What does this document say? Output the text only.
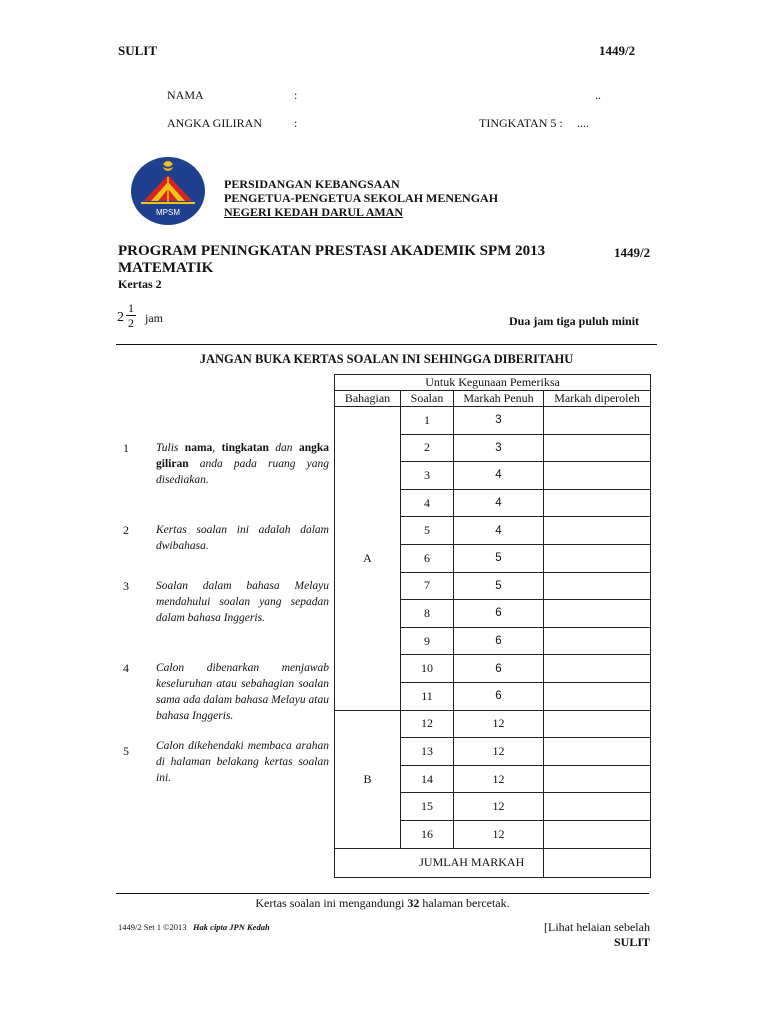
SULIT	1449/2
NAMA	:	..
ANGKA GILIRAN	:	TINGKATAN 5 : ....
MPSM
PERSIDANGAN KEBANGSAAN
PENGETUA-PENGETUA SEKOLAH MENENGAH
NEGERI KEDAH DARUL AMAN
PROGRAM PENINGKATAN PRESTASI AKADEMIK SPM 2013
MATEMATIK
1449/2
Kertas 2
$2 \frac{1}{2}$ jam	Dua jam tiga puluh minit
JANGAN BUKA KERTAS SOALAN INI SEHINGGA DIBERITAHU
1 Tulis nama, tingkatan dan angka giliran anda pada ruang yang disediakan.
2 Kertas soalan ini adalah dalam dwibahasa.
3 Soalan dalam bahasa Melayu mendahului soalan yang sepadan dalam bahasa Inggeris.
4 Calon dibenarkan menjawab keseluruhan atau sebahagian soalan sama ada dalam bahasa Melayu atau bahasa Inggeris.
5 Calon dikehendaki membaca arahan di halaman belakang kertas soalan ini.
Untuk Kegunaan Pemeriksa			
Bahagian	Soalan	Markah Penuh	Markah diperoleh
A	1	3	
	2	3	
	3	4	
	4	4	
	5	4	
	6	5	
	7	5	
	8	6	
	9	6	
	10	6	
	11	6	
B	12	12	
	13	12	
	14	12	
	15	12	
	16	12	
	JUMLAH MARKAH		
Kertas soalan ini mengandungi 32 halaman bercetak.
1449/2 Set 1 ©2013 Hak cipta JPN Kedah	[Lihat helaian sebelah
SULIT
